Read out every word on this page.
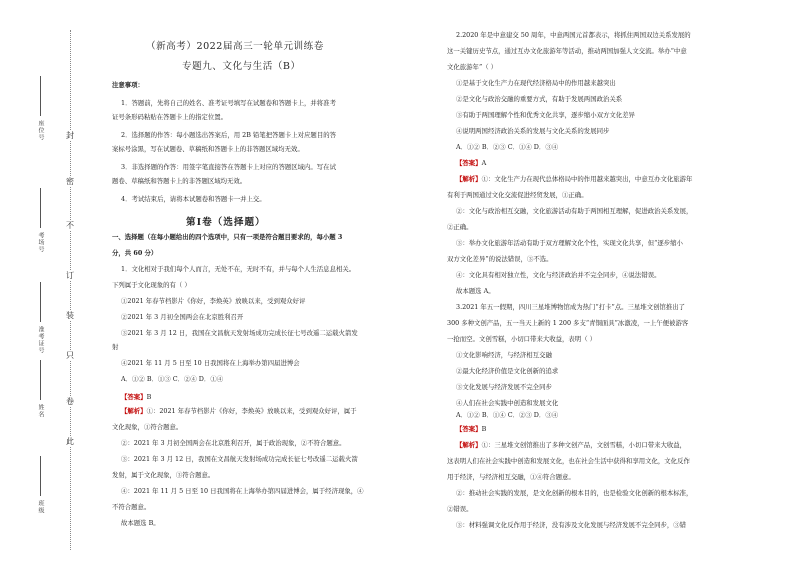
封
密
不
订
装
只
卷
此
班级
姓名
准考证号
考场号
座位号
（新高考）2022届高三一轮单元训练卷
专题九、文化与生活（B）
注意事项：
1．答题前，先将自己的姓名、准考证号填写在试题卷和答题卡上，并将准考
证号条形码粘贴在答题卡上的指定位置。
2．选择题的作答：每小题选出答案后，用 2B 铅笔把答题卡上对应题目的答
案标号涂黑，写在试题卷、草稿纸和答题卡上的非答题区域均无效。
3．非选择题的作答：用签字笔直接答在答题卡上对应的答题区域内。写在试
题卷、草稿纸和答题卡上的非答题区域均无效。
4．考试结束后，请将本试题卷和答题卡一并上交。
第Ⅰ卷（选择题）
一、选择题（在每小题给出的四个选项中，只有一项是符合题目要求的，每小题 3
分，共 60 分）
1．文化相对于我们每个人而言，无处不在，无时不有，并与每个人生活息息相关。
下列属于文化现象的有（ ）
①2021 年春节档影片《你好，李焕英》放映以来，受到观众好评
②2021 年 3 月初全国两会在北京胜利召开
③2021 年 3 月 12 日，我国在文昌航天发射场成功完成长征七号改遥二运载火箭发
射
④2021 年 11 月 5 日至 10 日我国将在上海举办第四届进博会
A．①② B．①③ C．②④ D．①④
【答案】B
【解析】①：2021 年春节档影片《你好，李焕英》放映以来，受到观众好评，属于
文化现象，①符合题意。
②：2021 年 3 月初全国两会在北京胜利召开，属于政治现象，②不符合题意。
③：2021 年 3 月 12 日，我国在文昌航天发射场成功完成长征七号改遥二运载火箭
发射，属于文化现象，③符合题意。
④：2021 年 11 月 5 日至 10 日我国将在上海举办第四届进博会，属于经济现象，④
不符合题意。
故本题选 B。
2.2020 年是中意建交 50 周年，中意两国元首都表示，将抓住两国双边关系发展的
这一关键历史节点，通过互办文化旅游年等活动，推动两国加强人文交流。举办“中意
文化旅游年”（ ）
①是基于文化生产力在现代经济格局中的作用越来越突出
②是文化与政治交融的重要方式，有助于发展两国政治关系
③有助于两国理解个性和优秀文化共享，逐步缩小双方文化差异
④说明两国经济政治关系的发展与文化关系的发展同步
A．①② B．②③ C．①④ D．③④
【答案】A
【解析】①：文化生产力在现代总体格局中的作用越来越突出，中意互办文化旅游年
有利于两国通过文化交流促进经贸发展，①正确。
②：文化与政治相互交融，文化旅游活动有助于两国相互理解，促进政治关系发展，
②正确。
③：举办文化旅游年活动有助于双方理解文化个性，实现文化共享，但“逐步缩小
双方文化差异”的说法错误，③不选。
④：文化具有相对独立性，文化与经济政治并不完全同步，④说法错误。
故本题选 A。
3.2021 年五一假期，四川三星堆博物馆成为热门“打卡”点。三星堆文创馆推出了
300 多种文创产品，五一当天上新的 1 200 多支“青铜面具”冰激凌，一上午便被游客
一抢而空。文创雪糕，小切口带来大收益，表明（ ）
①文化影响经济，与经济相互交融
②最大化经济价值是文化创新的追求
③文化发展与经济发展不完全同步
④人们在社会实践中创造和发展文化
A．①② B．①④ C．②③ D．③④
【答案】B
【解析】①：三星堆文创馆推出了多种文创产品，文创雪糕，小切口带来大收益，
这表明人们在社会实践中创造和发展文化，也在社会生活中获得和享用文化，文化反作
用于经济，与经济相互交融，①④符合题意。
②：推动社会实践的发展，是文化创新的根本目的，也是检验文化创新的根本标准，
②错误。
③：材料强调文化反作用于经济，没有涉及文化发展与经济发展不完全同步，③错
